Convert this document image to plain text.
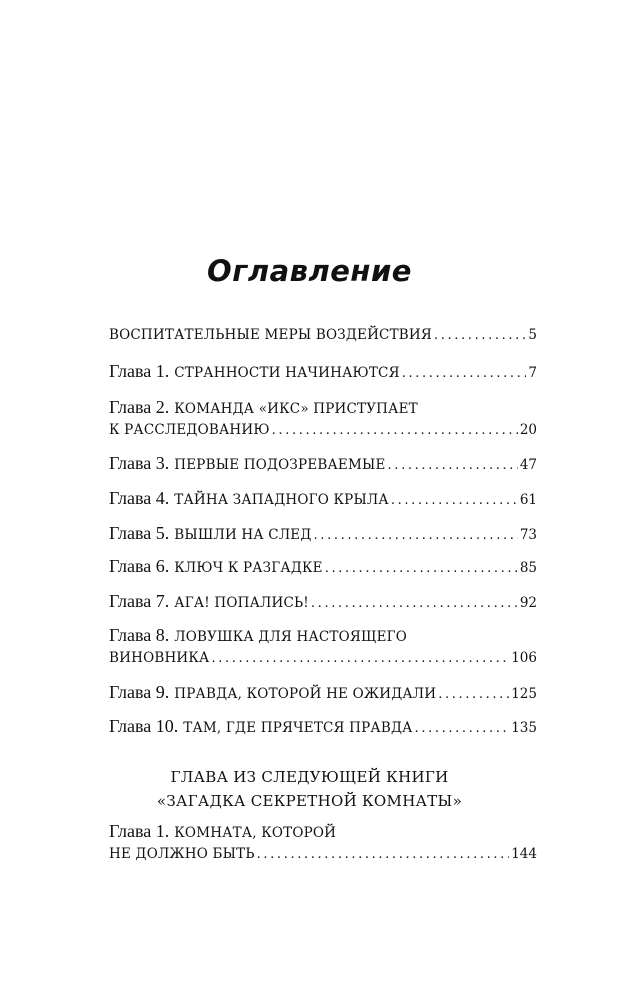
Оглавление
ВОСПИТАТЕЛЬНЫЕ МЕРЫ ВОЗДЕЙСТВИЯ . . .	5
Глава 1. СТРАННОСТИ НАЧИНАЮТСЯ . . .	7
Глава 2. КОМАНДА «ИКС» ПРИСТУПАЕТ
К РАССЛЕДОВАНИЮ . . .	20
Глава 3. ПЕРВЫЕ ПОДОЗРЕВАЕМЫЕ . . .	47
Глава 4. ТАЙНА ЗАПАДНОГО КРЫЛА . . .	61
Глава 5. ВЫШЛИ НА СЛЕД . . .	73
Глава 6. КЛЮЧ К РАЗГАДКЕ . . .	85
Глава 7. АГА! ПОПАЛИСЬ! . . .	92
Глава 8. ЛОВУШКА ДЛЯ НАСТОЯЩЕГО
ВИНОВНИКА . . .	106
Глава 9. ПРАВДА, КОТОРОЙ НЕ ОЖИДАЛИ . . .	125
Глава 10. ТАМ, ГДЕ ПРЯЧЕТСЯ ПРАВДА . . .	135
ГЛАВА ИЗ СЛЕДУЮЩЕЙ КНИГИ
«ЗАГАДКА СЕКРЕТНОЙ КОМНАТЫ»
Глава 1. КОМНАТА, КОТОРОЙ
НЕ ДОЛЖНО БЫТЬ . . .	144
